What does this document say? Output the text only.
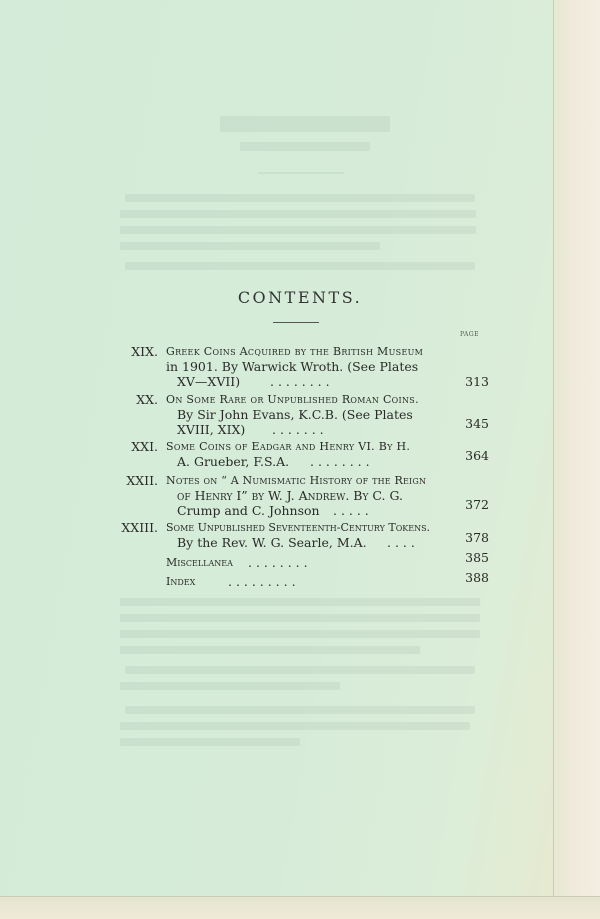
CONTENTS.
PAGE
XIX. Greek Coins Acquired by the British Museum
in 1901. By Warwick Wroth. (See Plates
XV—XVII) . . . . . . . .	313
XX. On Some Rare or Unpublished Roman Coins.
By Sir John Evans, K.C.B. (See Plates
XVIII, XIX) . . . . . . .	345
XXI. Some Coins of Eadgar and Henry VI. By H.
A. Grueber, F.S.A. . . . . . . . .	364
XXII. Notes on “ A Numismatic History of the Reign
of Henry I” by W. J. Andrew. By C. G.
Crump and C. Johnson . . . . .	372
XXIII. Some Unpublished Seventeenth-Century Tokens.
By the Rev. W. G. Searle, M.A. . . . .	378
Miscellanea . . . . . . . .	385
Index	. . . . . . . . .	388
